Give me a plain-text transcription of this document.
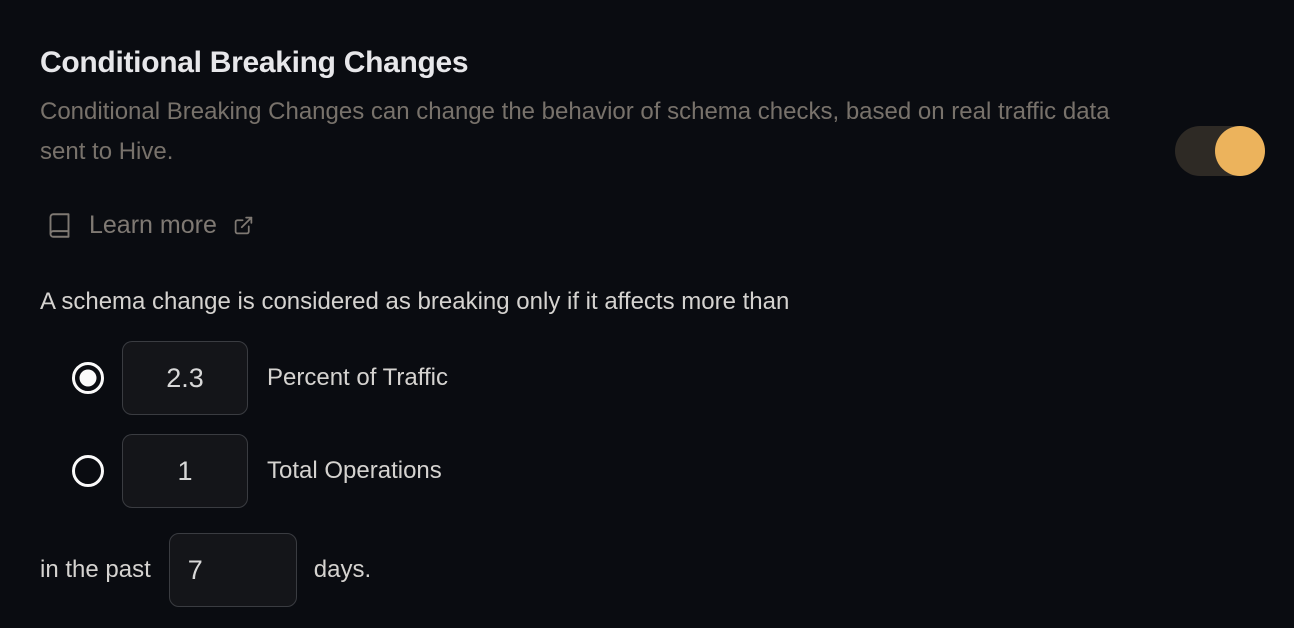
Conditional Breaking Changes
Conditional Breaking Changes can change the behavior of schema checks, based on real traffic data sent to Hive.
Learn more
A schema change is considered as breaking only if it affects more than
2.3
Percent of Traffic
1
Total Operations
in the past
7	days.
